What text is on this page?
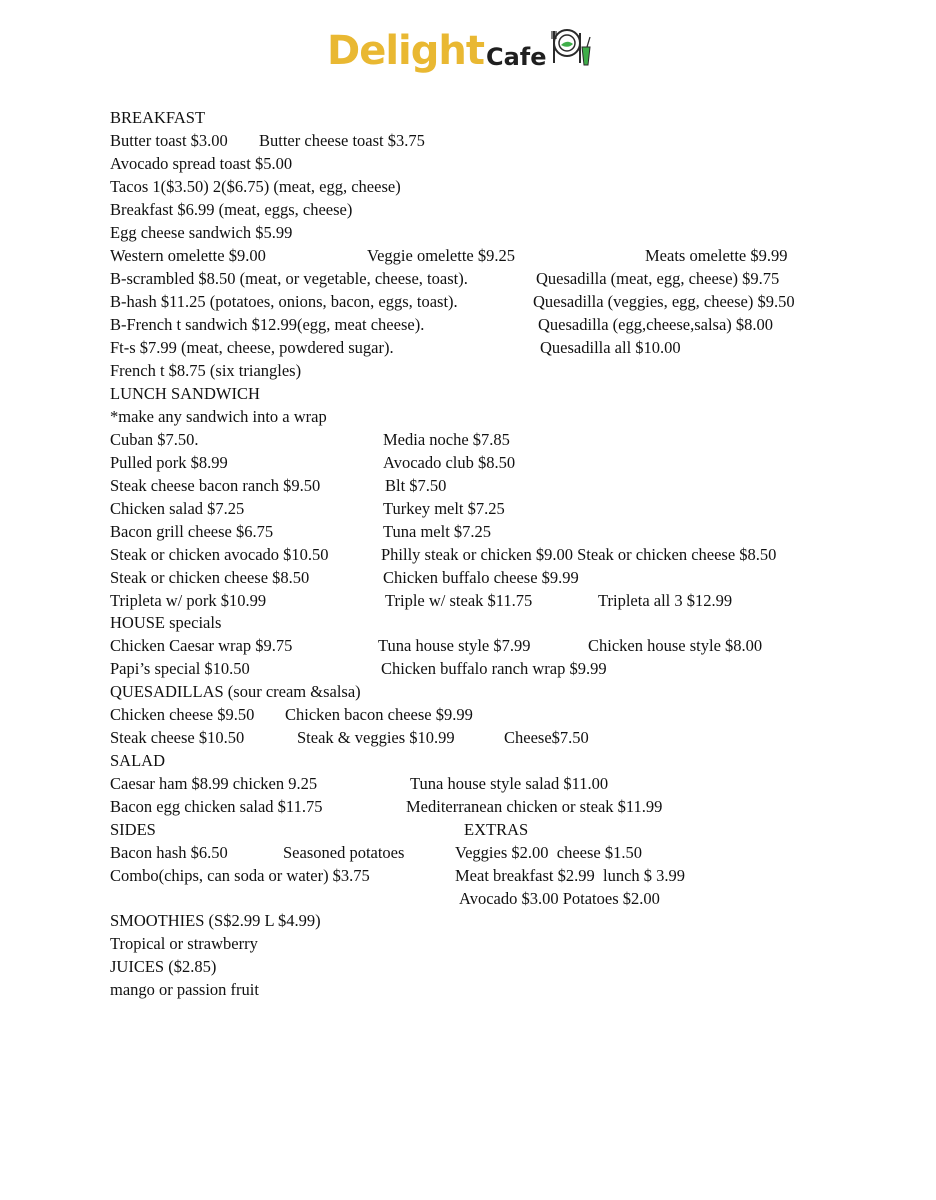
Delight Cafe
BREAKFAST
Butter toast $3.00 Butter cheese toast $3.75
Avocado spread toast $5.00
Tacos 1($3.50) 2($6.75) (meat, egg, cheese)
Breakfast $6.99 (meat, eggs, cheese)
Egg cheese sandwich $5.99
Western omelette $9.00	Veggie omelette $9.25	Meats omelette $9.99
B-scrambled $8.50 (meat, or vegetable, cheese, toast).	Quesadilla (meat, egg, cheese) $9.75
B-hash $11.25 (potatoes, onions, bacon, eggs, toast).	Quesadilla (veggies, egg, cheese) $9.50
B-French t sandwich $12.99(egg, meat cheese).	Quesadilla (egg,cheese,salsa) $8.00
Ft-s $7.99 (meat, cheese, powdered sugar).	Quesadilla all $10.00
French t $8.75 (six triangles)
LUNCH SANDWICH
*make any sandwich into a wrap
Cuban $7.50.	Media noche $7.85
Pulled pork $8.99	Avocado club $8.50
Steak cheese bacon ranch $9.50	Blt $7.50
Chicken salad $7.25	Turkey melt $7.25
Bacon grill cheese $6.75	Tuna melt $7.25
Steak or chicken avocado $10.50	Philly steak or chicken $9.00 Steak or chicken cheese $8.50
Steak or chicken cheese $8.50	Chicken buffalo cheese $9.99
Tripleta w/ pork $10.99	Triple w/ steak $11.75	Tripleta all 3 $12.99
HOUSE specials
Chicken Caesar wrap $9.75	Tuna house style $7.99	Chicken house style $8.00
Papi’s special $10.50	Chicken buffalo ranch wrap $9.99
QUESADILLAS (sour cream &salsa)
Chicken cheese $9.50 Chicken bacon cheese $9.99
Steak cheese $10.50	Steak & veggies $10.99	Cheese$7.50
SALAD
Caesar ham $8.99 chicken 9.25	Tuna house style salad $11.00
Bacon egg chicken salad $11.75	Mediterranean chicken or steak $11.99
SIDES	EXTRAS
Bacon hash $6.50	Seasoned potatoes	Veggies $2.00  cheese $1.50
Combo(chips, can soda or water) $3.75	Meat breakfast $2.99  lunch $ 3.99
Avocado $3.00 Potatoes $2.00
SMOOTHIES (S$2.99 L $4.99)
Tropical or strawberry
JUICES ($2.85)
mango or passion fruit
